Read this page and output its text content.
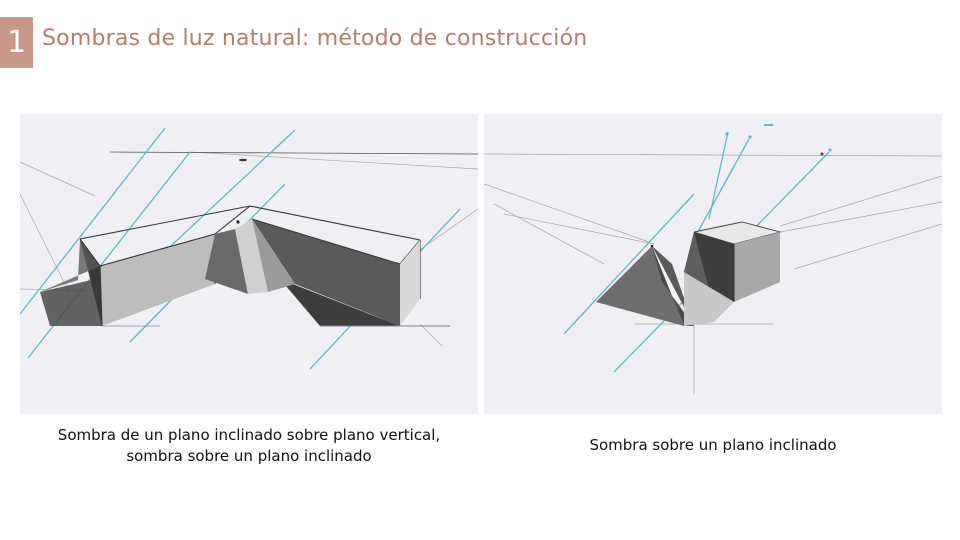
1 Sombras de luz natural: método de construcción
Sombra de un plano inclinado sobre plano vertical,
sombra sobre un plano inclinado
Sombra sobre un plano inclinado
